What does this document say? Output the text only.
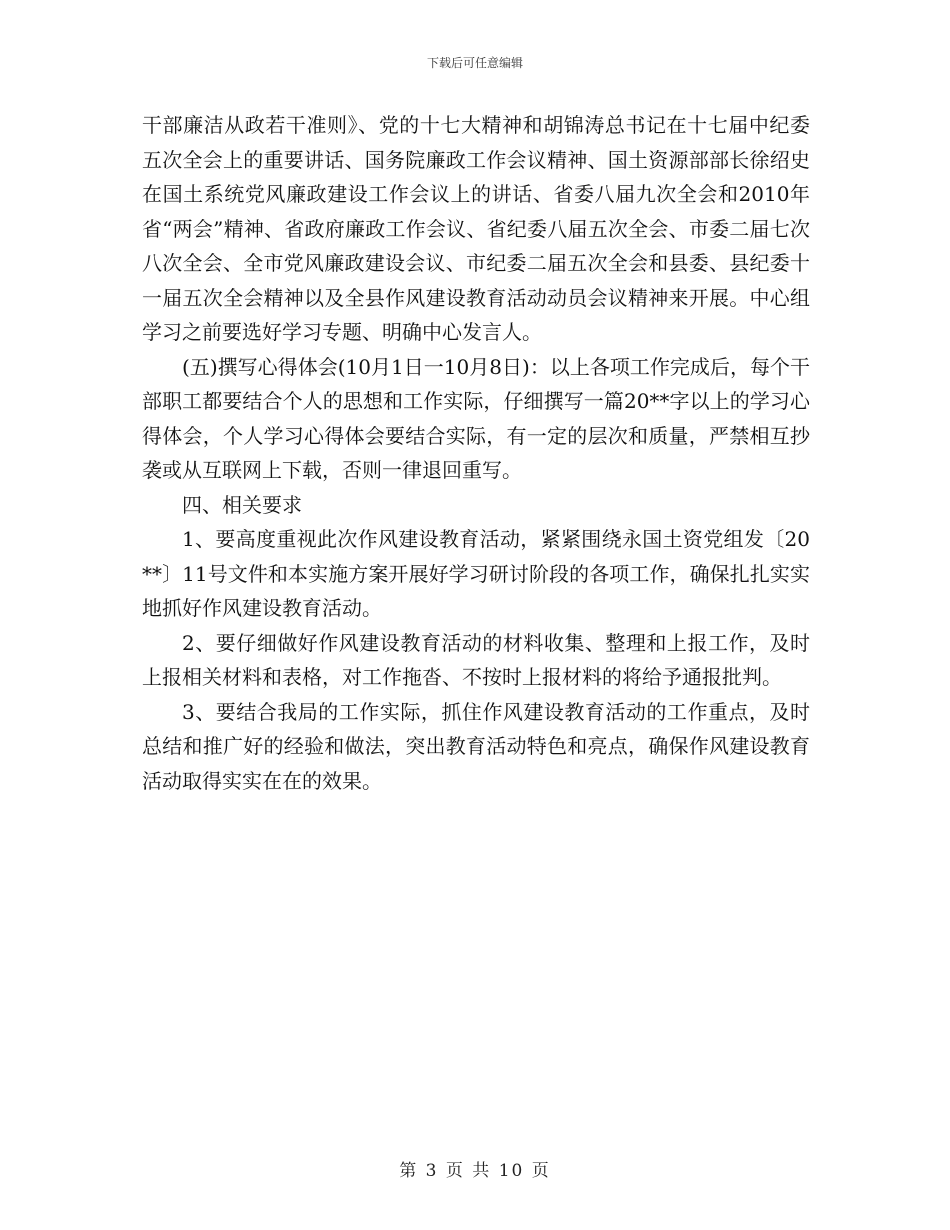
下载后可任意编辑

干部廉洁从政若干准则》、党的十七大精神和胡锦涛总书记在十七届中纪委五次全会上的重要讲话、国务院廉政工作会议精神、国土资源部部长徐绍史在国土系统党风廉政建设工作会议上的讲话、省委八届九次全会和2010年省“两会”精神、省政府廉政工作会议、省纪委八届五次全会、市委二届七次八次全会、全市党风廉政建设会议、市纪委二届五次全会和县委、县纪委十一届五次全会精神以及全县作风建设教育活动动员会议精神来开展。中心组学习之前要选好学习专题、明确中心发言人。

(五)撰写心得体会(10月1日一10月8日)：以上各项工作完成后，每个干部职工都要结合个人的思想和工作实际，仔细撰写一篇20**字以上的学习心得体会，个人学习心得体会要结合实际，有一定的层次和质量，严禁相互抄袭或从互联网上下载，否则一律退回重写。

四、相关要求

1、要高度重视此次作风建设教育活动，紧紧围绕永国土资党组发〔20**〕11号文件和本实施方案开展好学习研讨阶段的各项工作，确保扎扎实实地抓好作风建设教育活动。

2、要仔细做好作风建设教育活动的材料收集、整理和上报工作，及时上报相关材料和表格，对工作拖沓、不按时上报材料的将给予通报批判。

3、要结合我局的工作实际，抓住作风建设教育活动的工作重点，及时总结和推广好的经验和做法，突出教育活动特色和亮点，确保作风建设教育活动取得实实在在的效果。

第 3 页 共 10 页
